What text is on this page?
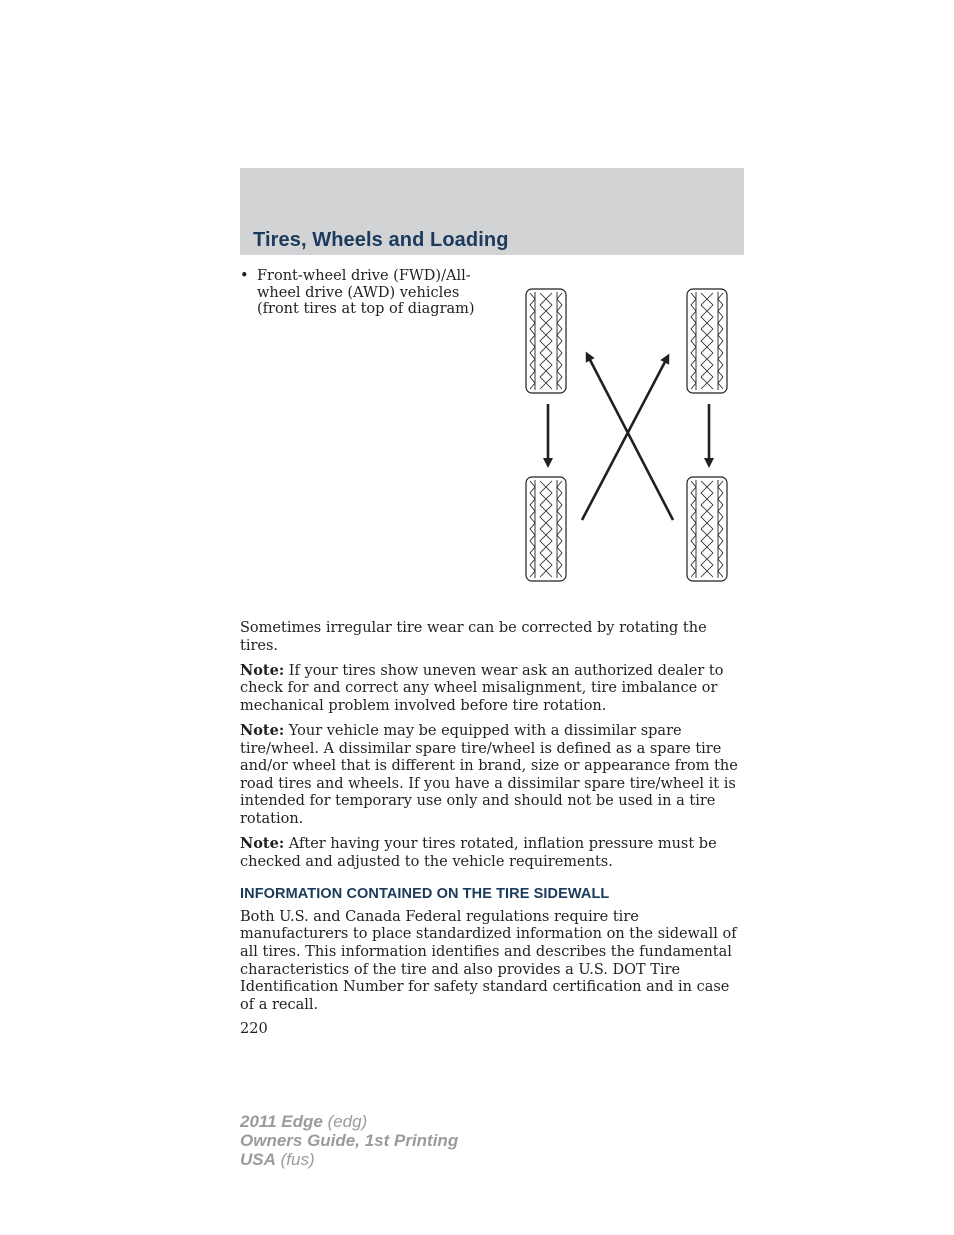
Tires, Wheels and Loading
• Front-wheel drive (FWD)/All-wheel drive (AWD) vehicles (front tires at top of diagram)

Sometimes irregular tire wear can be corrected by rotating the tires.

Note: If your tires show uneven wear ask an authorized dealer to check for and correct any wheel misalignment, tire imbalance or mechanical problem involved before tire rotation.

Note: Your vehicle may be equipped with a dissimilar spare tire/wheel. A dissimilar spare tire/wheel is defined as a spare tire and/or wheel that is different in brand, size or appearance from the road tires and wheels. If you have a dissimilar spare tire/wheel it is intended for temporary use only and should not be used in a tire rotation.

Note: After having your tires rotated, inflation pressure must be checked and adjusted to the vehicle requirements.

INFORMATION CONTAINED ON THE TIRE SIDEWALL

Both U.S. and Canada Federal regulations require tire manufacturers to place standardized information on the sidewall of all tires. This information identifies and describes the fundamental characteristics of the tire and also provides a U.S. DOT Tire Identification Number for safety standard certification and in case of a recall.

220
2011 Edge (edg)
Owners Guide, 1st Printing
USA (fus)
